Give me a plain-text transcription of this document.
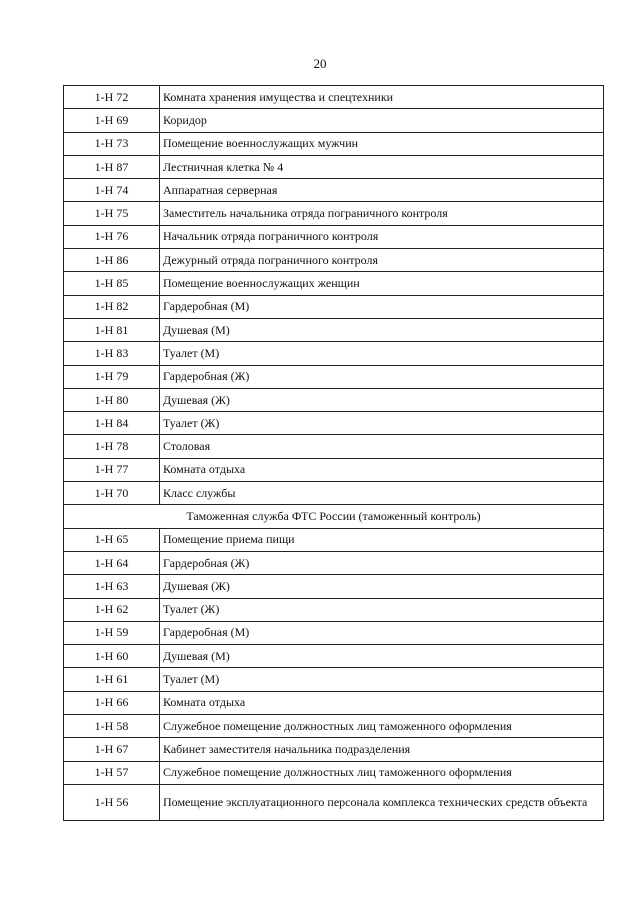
20
1-Н 72	Комната хранения имущества и спецтехники
1-Н 69	Коридор
1-Н 73	Помещение военнослужащих мужчин
1-Н 87	Лестничная клетка № 4
1-Н 74	Аппаратная серверная
1-Н 75	Заместитель начальника отряда пограничного контроля
1-Н 76	Начальник отряда пограничного контроля
1-Н 86	Дежурный отряда пограничного контроля
1-Н 85	Помещение военнослужащих женщин
1-Н 82	Гардеробная (М)
1-Н 81	Душевая (М)
1-Н 83	Туалет (М)
1-Н 79	Гардеробная (Ж)
1-Н 80	Душевая (Ж)
1-Н 84	Туалет (Ж)
1-Н 78	Столовая
1-Н 77	Комната отдыха
1-Н 70	Класс службы
Таможенная служба ФТС России (таможенный контроль)	
1-Н 65	Помещение приема пищи
1-Н 64	Гардеробная (Ж)
1-Н 63	Душевая (Ж)
1-Н 62	Туалет (Ж)
1-Н 59	Гардеробная (М)
1-Н 60	Душевая (М)
1-Н 61	Туалет (М)
1-Н 66	Комната отдыха
1-Н 58	Служебное помещение должностных лиц таможенного оформления
1-Н 67	Кабинет заместителя начальника подразделения
1-Н 57	Служебное помещение должностных лиц таможенного оформления
1-Н 56	Помещение эксплуатационного персонала комплекса технических средств объекта
